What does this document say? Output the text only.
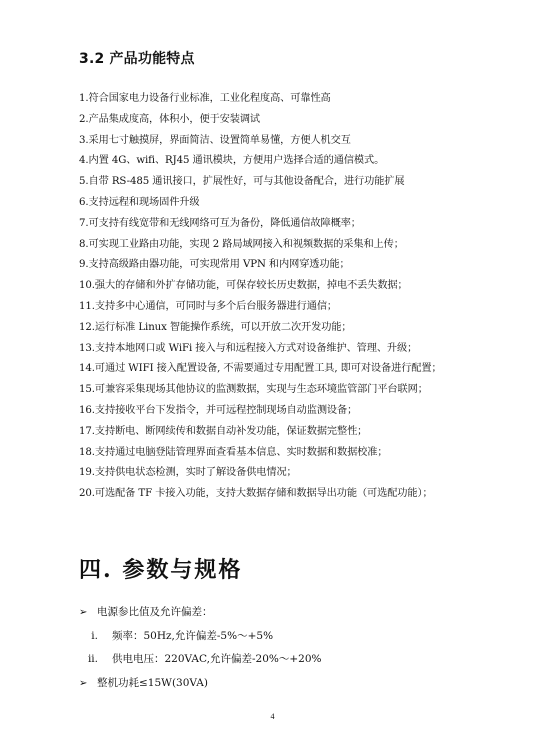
3.2 产品功能特点
1.符合国家电力设备行业标准，工业化程度高、可靠性高
2.产品集成度高，体积小，便于安装调试
3.采用七寸触摸屏，界面简洁、设置简单易懂，方便人机交互
4.内置 4G、wifi、RJ45 通讯模块，方便用户选择合适的通信模式。
5.自带 RS-485 通讯接口，扩展性好，可与其他设备配合，进行功能扩展
6.支持远程和现场固件升级
7.可支持有线宽带和无线网络可互为备份，降低通信故障概率；
8.可实现工业路由功能，实现 2 路局域网接入和视频数据的采集和上传；
9.支持高级路由器功能，可实现常用 VPN 和内网穿透功能；
10.强大的存储和外扩存储功能，可保存较长历史数据，掉电不丢失数据；
11.支持多中心通信，可同时与多个后台服务器进行通信；
12.运行标准 Linux 智能操作系统，可以开放二次开发功能；
13.支持本地网口或 WiFi 接入与和远程接入方式对设备维护、管理、升级；
14.可通过 WIFI 接入配置设备, 不需要通过专用配置工具, 即可对设备进行配置；
15.可兼容采集现场其他协议的监测数据，实现与生态环境监管部门平台联网；
16.支持接收平台下发指令，并可远程控制现场自动监测设备；
17.支持断电、断网续传和数据自动补发功能，保证数据完整性；
18.支持通过电脑登陆管理界面查看基本信息、实时数据和数据校准；
19.支持供电状态检测，实时了解设备供电情况；
20.可选配备 TF 卡接入功能，支持大数据存储和数据导出功能（可选配功能）；
四. 参数与规格
➢ 电源参比值及允许偏差：
i. 频率：50Hz,允许偏差-5%～+5%
ii. 供电电压：220VAC,允许偏差-20%～+20%
➢ 整机功耗≤15W(30VA)
4
